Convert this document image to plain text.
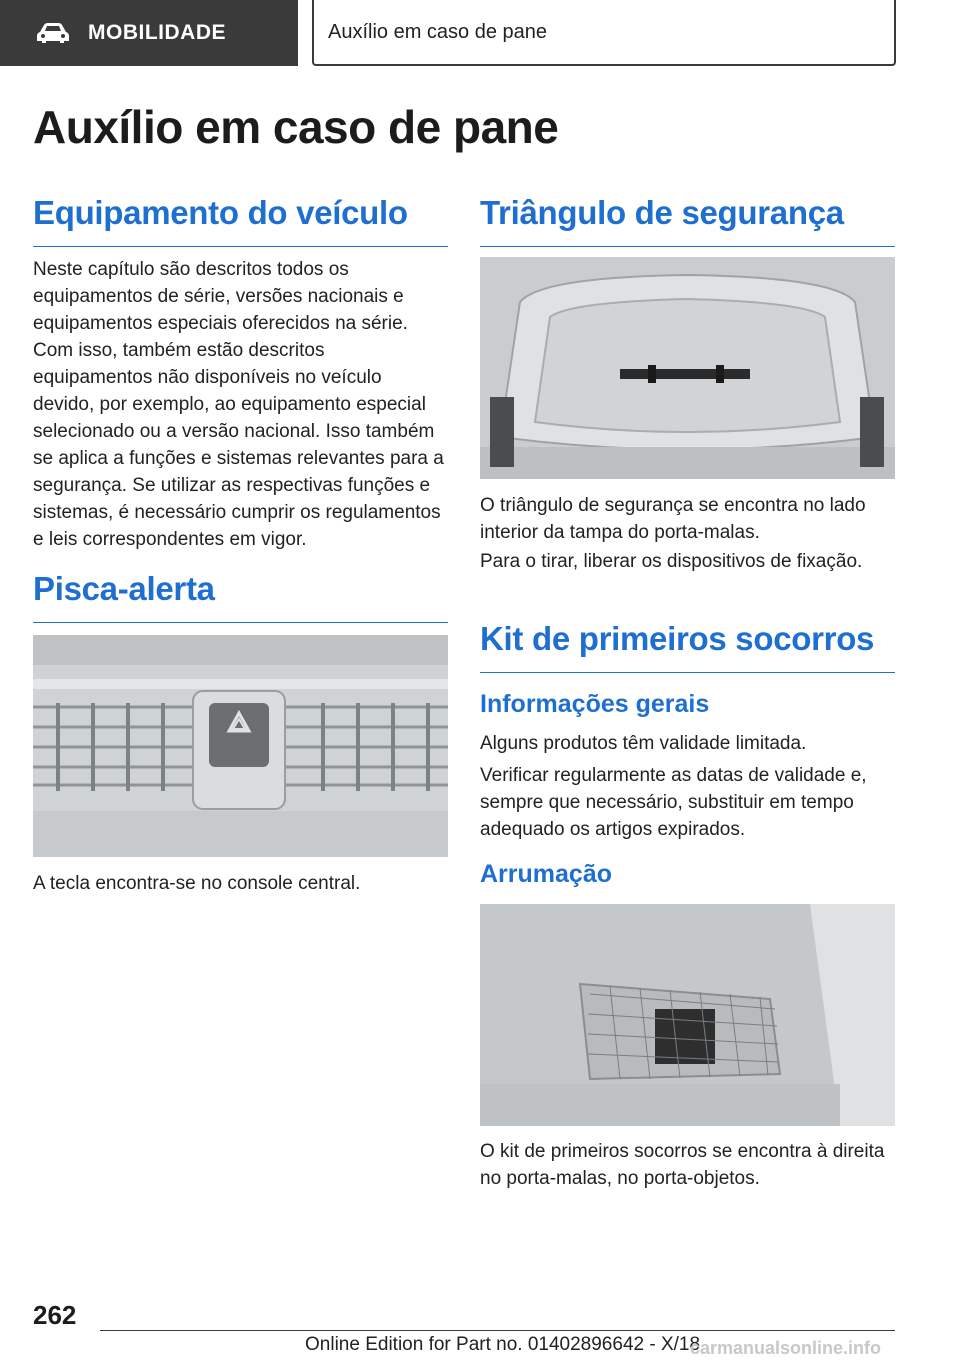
MOBILIDADE	Auxílio em caso de pane
Auxílio em caso de pane
Equipamento do veículo
Neste capítulo são descritos todos os equipamentos de série, versões nacionais e equipamentos especiais oferecidos na série. Com isso, também estão descritos equipamentos não disponíveis no veículo devido, por exemplo, ao equipamento especial selecionado ou a versão nacional. Isso também se aplica a funções e sistemas relevantes para a segurança. Se utilizar as respectivas funções e sistemas, é necessário cumprir os regulamentos e leis correspondentes em vigor.
Pisca-alerta
A tecla encontra-se no console central.
Triângulo de segurança
O triângulo de segurança se encontra no lado interior da tampa do porta-malas.
Para o tirar, liberar os dispositivos de fixação.
Kit de primeiros socorros
Informações gerais
Alguns produtos têm validade limitada.
Verificar regularmente as datas de validade e, sempre que necessário, substituir em tempo adequado os artigos expirados.
Arrumação
O kit de primeiros socorros se encontra à direita no porta-malas, no porta-objetos.
262
Online Edition for Part no. 01402896642 - X/18
carmanualsonline.info
